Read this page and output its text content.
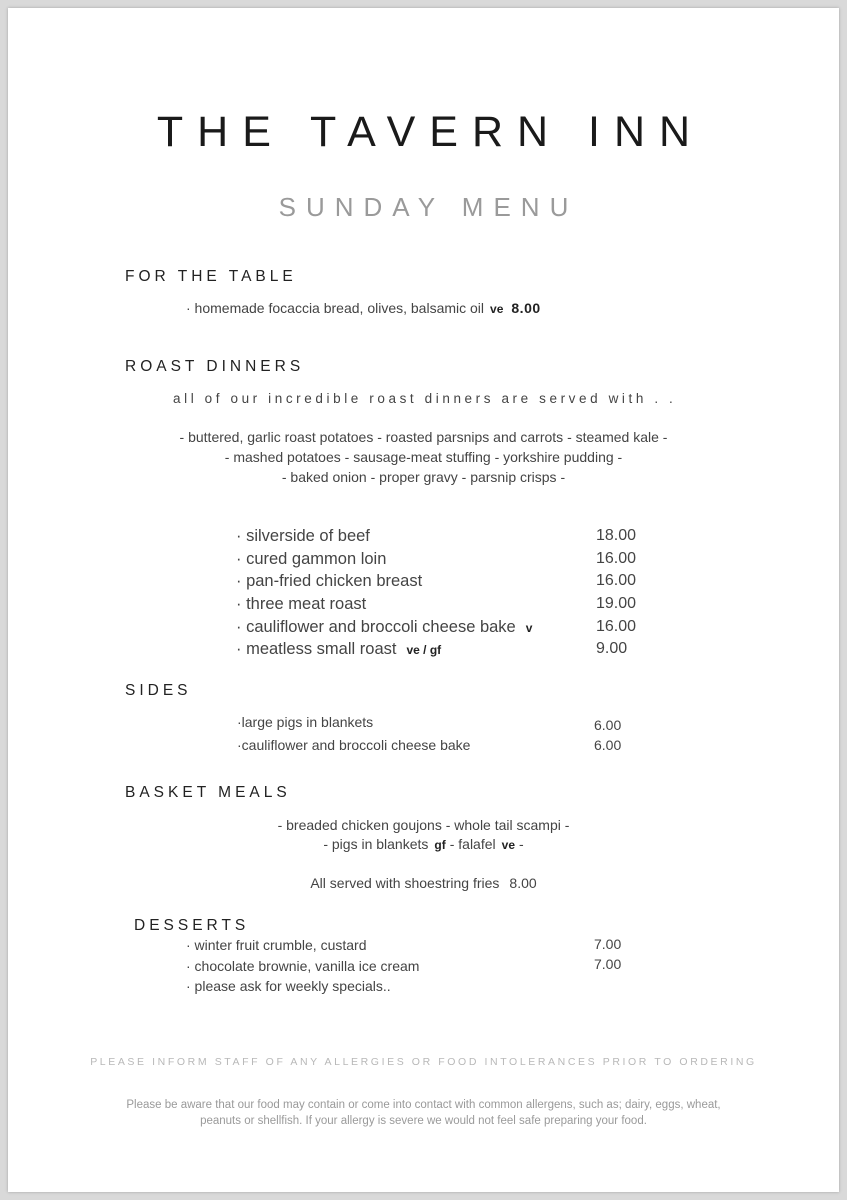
THE TAVERN INN
SUNDAY MENU
FOR THE TABLE
· homemade focaccia bread, olives, balsamic oil ve 8.00
ROAST DINNERS
all of our incredible roast dinners are served with . .
- buttered, garlic roast potatoes - roasted parsnips and carrots - steamed kale -
- mashed potatoes - sausage-meat stuffing - yorkshire pudding -
- baked onion - proper gravy - parsnip crisps -
· silverside of beef	18.00
· cured gammon loin	16.00
· pan-fried chicken breast	16.00
· three meat roast	19.00
· cauliflower and broccoli cheese bake v	16.00
· meatless small roast ve / gf	9.00
SIDES
·large pigs in blankets	6.00
·cauliflower and broccoli cheese bake	6.00
BASKET MEALS
- breaded chicken goujons - whole tail scampi -
- pigs in blankets gf - falafel ve -
All served with shoestring fries 8.00
DESSERTS
· winter fruit crumble, custard	7.00
· chocolate brownie, vanilla ice cream	7.00
· please ask for weekly specials..
PLEASE INFORM STAFF OF ANY ALLERGIES OR FOOD INTOLERANCES PRIOR TO ORDERING
Please be aware that our food may contain or come into contact with common allergens, such as; dairy, eggs, wheat,
peanuts or shellfish. If your allergy is severe we would not feel safe preparing your food.
